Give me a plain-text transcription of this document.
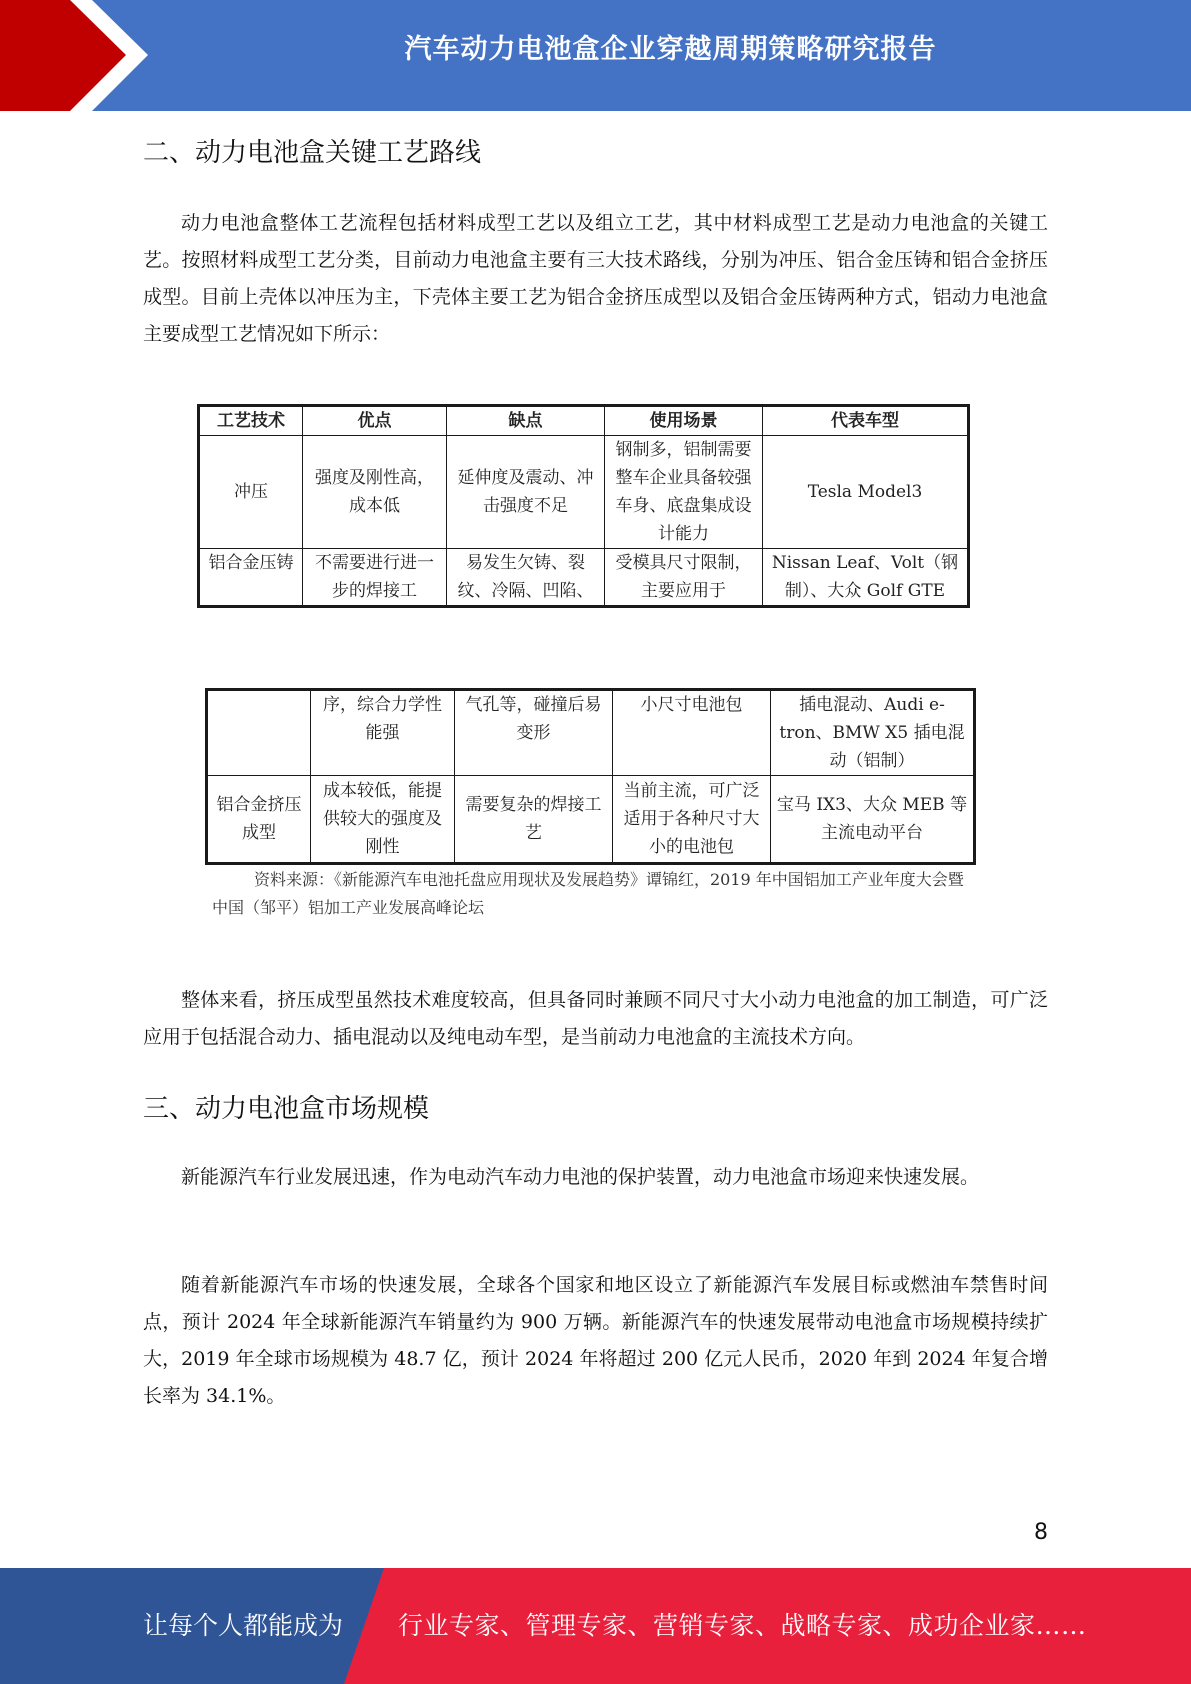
汽车动力电池盒企业穿越周期策略研究报告
二、动力电池盒关键工艺路线

动力电池盒整体工艺流程包括材料成型工艺以及组立工艺，其中材料成型工艺是动力电池盒的关键工艺。按照材料成型工艺分类，目前动力电池盒主要有三大技术路线，分别为冲压、铝合金压铸和铝合金挤压成型。目前上壳体以冲压为主，下壳体主要工艺为铝合金挤压成型以及铝合金压铸两种方式，铝动力电池盒主要成型工艺情况如下所示：

工艺技术	优点	缺点	使用场景	代表车型
冲压	强度及刚性高，成本低	延伸度及震动、冲击强度不足	钢制多，铝制需要整车企业具备较强车身、底盘集成设计能力	Tesla Model3

铝合金压铸	不需要进行进一步的焊接工	易发生欠铸、裂纹、冷隔、凹陷、	受模具尺寸限制，主要应用于	Nissan Leaf、Volt（钢制）、大众 Golf GTE
	序，综合力学性能强	气孔等，碰撞后易变形	小尺寸电池包	插电混动、Audi e-tron、BMW X5 插电混动（铝制）
铝合金挤压成型	成本较低，能提供较大的强度及刚性	需要复杂的焊接工艺	当前主流，可广泛适用于各种尺寸大小的电池包	宝马 IX3、大众 MEB 等主流电动平台

资料来源：《新能源汽车电池托盘应用现状及发展趋势》谭锦红，2019 年中国铝加工产业年度大会暨中国（邹平）铝加工产业发展高峰论坛

整体来看，挤压成型虽然技术难度较高，但具备同时兼顾不同尺寸大小动力电池盒的加工制造，可广泛应用于包括混合动力、插电混动以及纯电动车型，是当前动力电池盒的主流技术方向。

三、动力电池盒市场规模

新能源汽车行业发展迅速，作为电动汽车动力电池的保护装置，动力电池盒市场迎来快速发展。

随着新能源汽车市场的快速发展，全球各个国家和地区设立了新能源汽车发展目标或燃油车禁售时间点，预计 2024 年全球新能源汽车销量约为 900 万辆。新能源汽车的快速发展带动电池盒市场规模持续扩大，2019 年全球市场规模为 48.7 亿，预计 2024 年将超过 200 亿元人民币，2020 年到 2024 年复合增长率为 34.1%。

8
让每个人都能成为 行业专家、管理专家、营销专家、战略专家、成功企业家……
